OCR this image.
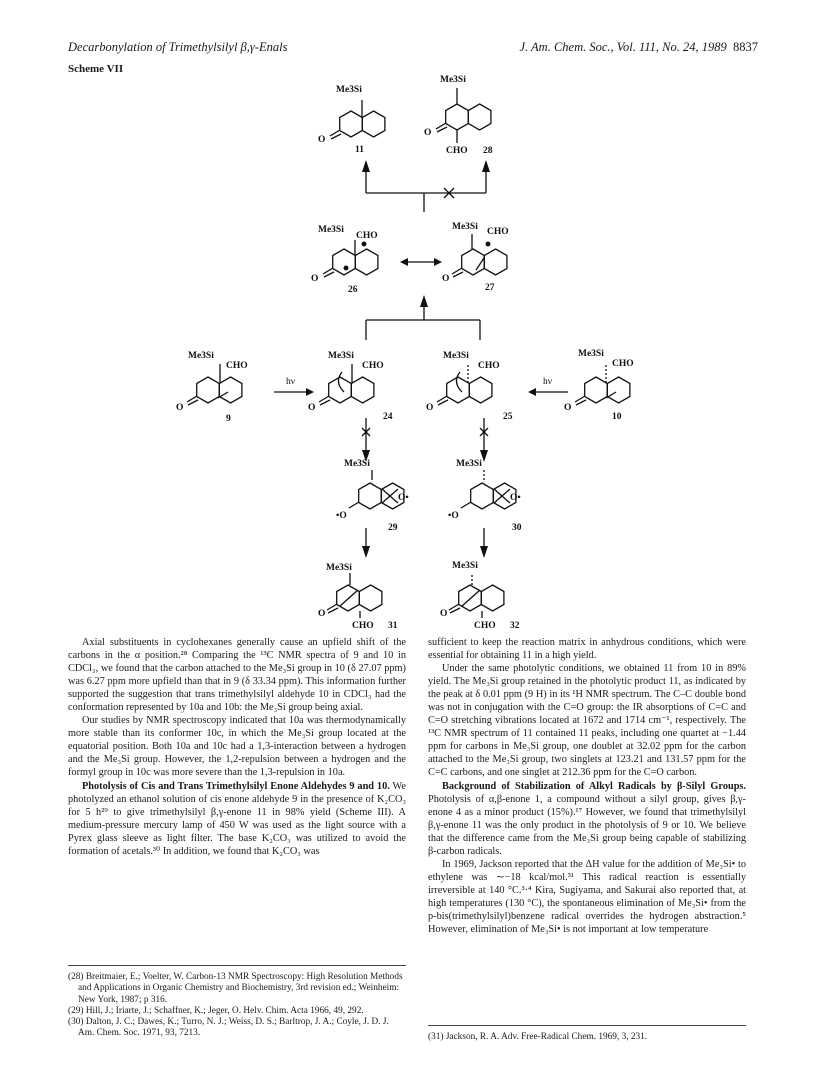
Decarbonylation of Trimethylsilyl β,γ-Enals	J. Am. Chem. Soc., Vol. 111, No. 24, 1989 8837
Scheme VII
Me3Si
O
11
Me3Si
O
CHO 28
Me3Si
CHO
O
26
Me3Si CHO
O
27
Me3Si
CHO
O
9
hν
Me3Si
CHO
O
24
Me3Si
CHO
O
25
hν
Me3Si
CHO
O
10
Me3Si
O•
•O
29
Me3Si
O•
•O
30
Me3Si
O
CHO 31
Me3Si
O
CHO 32

Axial substituents in cyclohexanes generally cause an upfield shift of the carbons in the α position.²⁸ Comparing the ¹³C NMR spectra of 9 and 10 in CDCl₃, we found that the carbon attached to the Me₃Si group in 10 (δ 27.07 ppm) was 6.27 ppm more upfield than that in 9 (δ 33.34 ppm). This information further supported the suggestion that trans trimethylsilyl aldehyde 10 in CDCl₃ had the conformation represented by 10a and 10b: the Me₃Si group being axial.

Our studies by NMR spectroscopy indicated that 10a was thermodynamically more stable than its conformer 10c, in which the Me₃Si group located at the equatorial position. Both 10a and 10c had a 1,3-interaction between a hydrogen and the Me₃Si group. However, the 1,2-repulsion between a hydrogen and the formyl group in 10c was more severe than the 1,3-repulsion in 10a.

Photolysis of Cis and Trans Trimethylsilyl Enone Aldehydes 9 and 10. We photolyzed an ethanol solution of cis enone aldehyde 9 in the presence of K₂CO₃ for 5 h²⁹ to give trimethylsilyl β,γ-enone 11 in 98% yield (Scheme III). A medium-pressure mercury lamp of 450 W was used as the light source with a Pyrex glass sleeve as light filter. The base K₂CO₃ was utilized to avoid the formation of acetals.³⁰ In addition, we found that K₂CO₃ was

sufficient to keep the reaction matrix in anhydrous conditions, which were essential for obtaining 11 in a high yield.

Under the same photolytic conditions, we obtained 11 from 10 in 89% yield. The Me₃Si group retained in the photolytic product 11, as indicated by the peak at δ 0.01 ppm (9 H) in its ¹H NMR spectrum. The C–C double bond was not in conjugation with the C=O group: the IR absorptions of C=C and C=O stretching vibrations located at 1672 and 1714 cm⁻¹, respectively. The ¹³C NMR spectrum of 11 contained 11 peaks, including one quartet at −1.44 ppm for carbons in Me₃Si group, one doublet at 32.02 ppm for the carbon attached to the Me₃Si group, two singlets at 123.21 and 131.57 ppm for the C=C carbons, and one singlet at 212.36 ppm for the C=O carbon.

Background of Stabilization of Alkyl Radicals by β-Silyl Groups. Photolysis of α,β-enone 1, a compound without a silyl group, gives β,γ-enone 4 as a minor product (15%).¹⁷ However, we found that trimethylsilyl β,γ-enone 11 was the only product in the photolysis of 9 or 10. We believe that the difference came from the Me₃Si group being capable of stabilizing β-carbon radicals.

In 1969, Jackson reported that the ΔH value for the addition of Me₃Si• to ethylene was ∼−18 kcal/mol.³¹ This radical reaction is essentially irreversible at 140 °C.³·⁴ Kira, Sugiyama, and Sakurai also reported that, at high temperatures (130 °C), the spontaneous elimination of Me₃Si• from the p-bis(trimethylsilyl)benzene radical overrides the hydrogen abstraction.⁵ However, elimination of Me₃Si• is not important at low temperature

(28) Breitmaier, E.; Voelter, W. Carbon-13 NMR Spectroscopy: High Resolution Methods and Applications in Organic Chemistry and Biochemistry, 3rd revision ed.; Weinheim: New York, 1987; p 316.
(29) Hill, J.; Iriarte, J.; Schaffner, K.; Jeger, O. Helv. Chim. Acta 1966, 49, 292.
(30) Dalton, J. C.; Dawes, K.; Turro, N. J.; Weiss, D. S.; Barltrop, J. A.; Coyle, J. D. J. Am. Chem. Soc. 1971, 93, 7213.	(31) Jackson, R. A. Adv. Free-Radical Chem. 1969, 3, 231.
